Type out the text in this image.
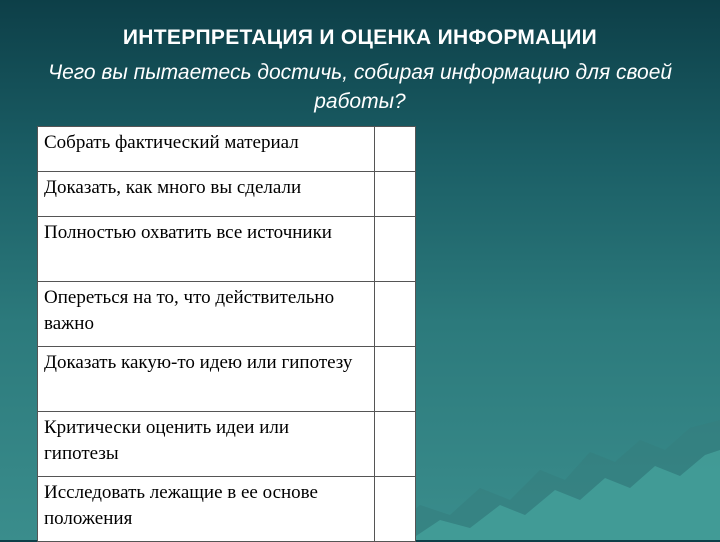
ИНТЕРПРЕТАЦИЯ И ОЦЕНКА ИНФОРМАЦИИ
Чего вы пытаетесь достичь, собирая информацию для своей работы?
Собрать фактический материал	
Доказать, как много вы сделали	
Полностью охватить все источники	
Опереться на то, что действительно важно	
Доказать какую-то идею или гипотезу	
Критически оценить идеи или гипотезы	
Исследовать лежащие в ее основе положения	
